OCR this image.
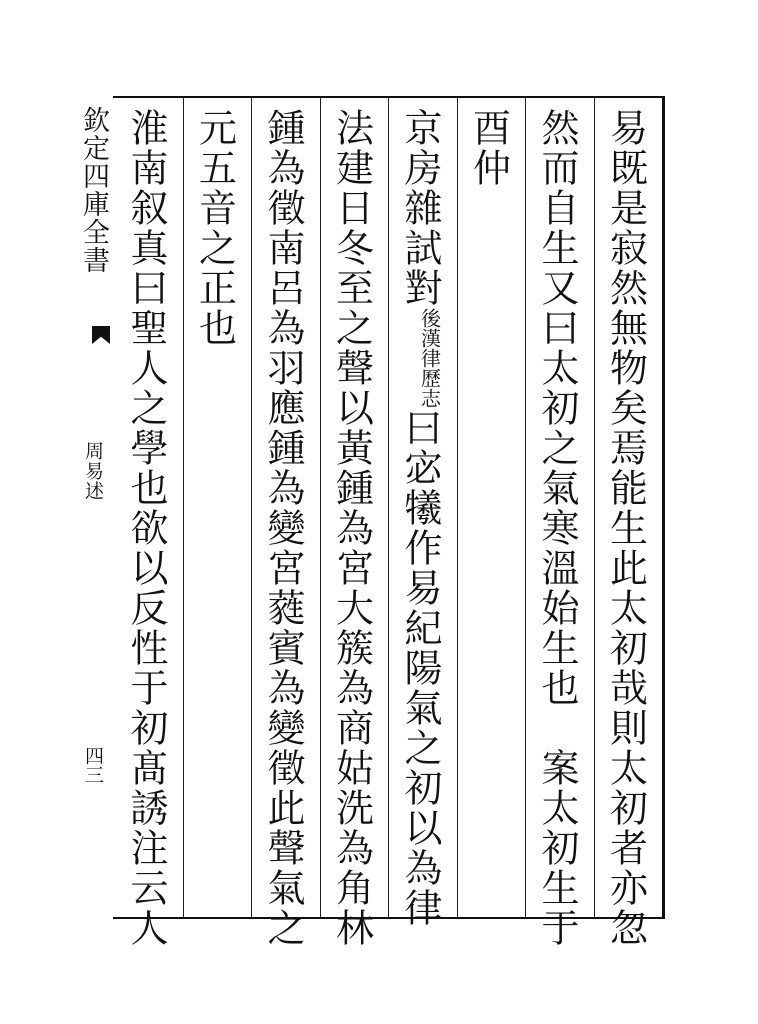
欽定四庫全書
周易述
四三	易既是寂然無物矣焉能生此太初哉則太初者亦忽
然而自生又曰太初之氣寒溫始生也　案太初生于
酉仲
京房雜試對後漢律歷志曰宓犧作易紀陽氣之初以為律
法建日冬至之聲以黃鍾為宮大簇為商姑洗為角林
鍾為徵南呂為羽應鍾為變宮蕤賓為變徵此聲氣之
元五音之正也
淮南叙真曰聖人之學也欲以反性于初髙誘注云人
